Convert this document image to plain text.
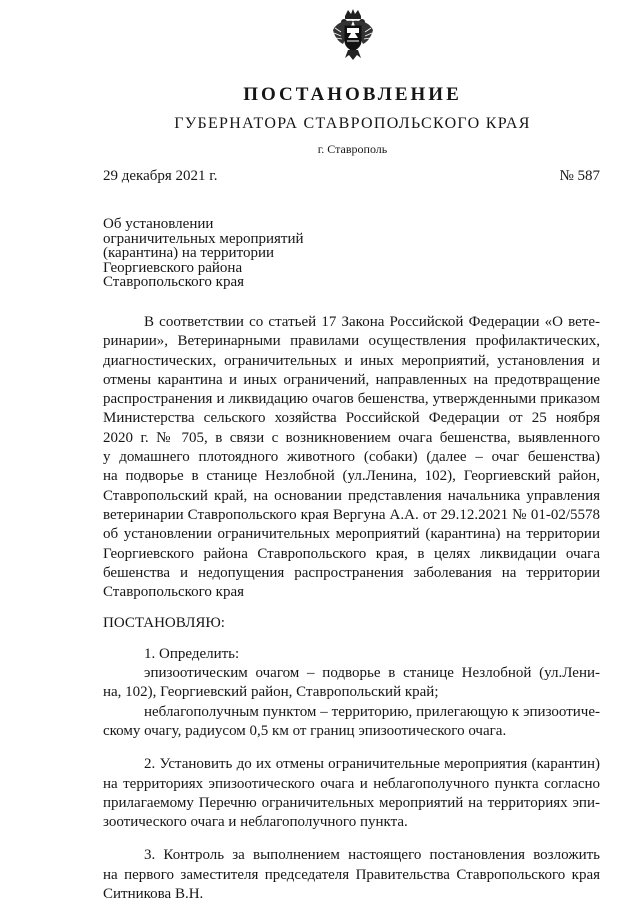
ПОСТАНОВЛЕНИЕ
ГУБЕРНАТОРА СТАВРОПОЛЬСКОГО КРАЯ
г. Ставрополь
29 декабря 2021 г.	№ 587
Об установлении
ограничительных мероприятий
(карантина) на территории
Георгиевского района
Ставропольского края
В соответствии со статьей 17 Закона Российской Федерации «О вете-
ринарии», Ветеринарными правилами осуществления профилактических,
диагностических, ограничительных и иных мероприятий, установления и
отмены карантина и иных ограничений, направленных на предотвращение
распространения и ликвидацию очагов бешенства, утвержденными приказом
Министерства сельского хозяйства Российской Федерации от 25 ноября
2020 г. № 705, в связи с возникновением очага бешенства, выявленного
у домашнего плотоядного животного (собаки) (далее – очаг бешенства)
на подворье в станице Незлобной (ул.Ленина, 102), Георгиевский район,
Ставропольский край, на основании представления начальника управления
ветеринарии Ставропольского края Вергуна А.А. от 29.12.2021 № 01-02/5578
об установлении ограничительных мероприятий (карантина) на территории
Георгиевского района Ставропольского края, в целях ликвидации очага
бешенства и недопущения распространения заболевания на территории
Ставропольского края
ПОСТАНОВЛЯЮ:
1. Определить:
эпизоотическим очагом – подворье в станице Незлобной (ул.Лени-
на, 102), Георгиевский район, Ставропольский край;
неблагополучным пунктом – территорию, прилегающую к эпизоотиче-
скому очагу, радиусом 0,5 км от границ эпизоотического очага.
2. Установить до их отмены ограничительные мероприятия (карантин)
на территориях эпизоотического очага и неблагополучного пункта согласно
прилагаемому Перечню ограничительных мероприятий на территориях эпи-
зоотического очага и неблагополучного пункта.
3. Контроль за выполнением настоящего постановления возложить
на первого заместителя председателя Правительства Ставропольского края
Ситникова В.Н.
